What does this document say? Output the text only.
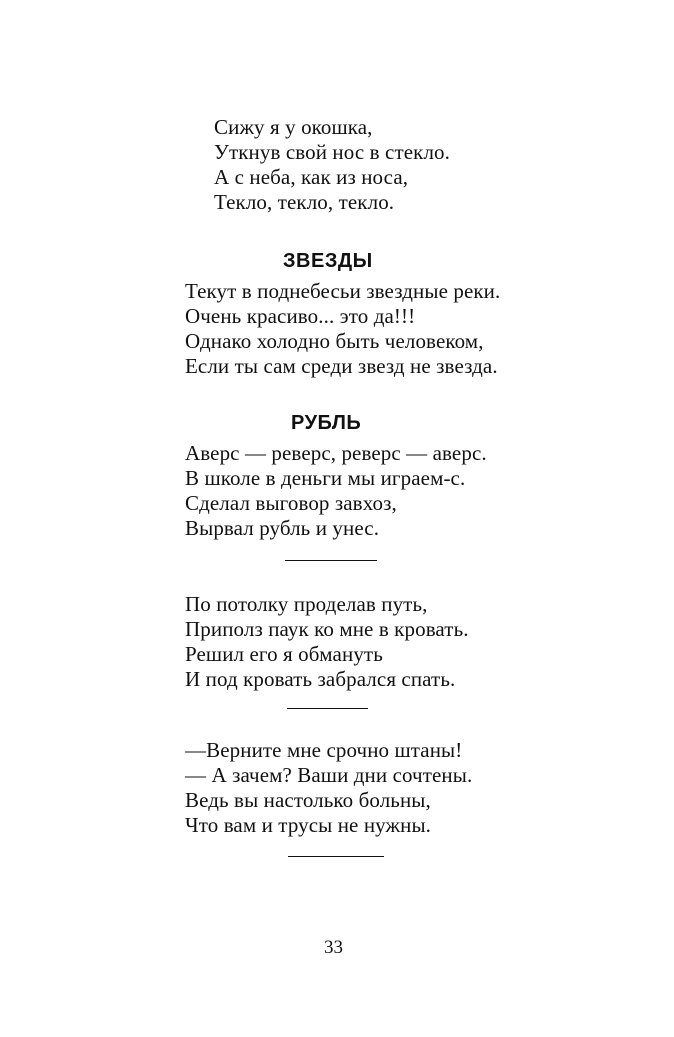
Сижу я у окошка,
Уткнув свой нос в стекло.
А с неба, как из носа,
Текло, текло, текло.
ЗВЕЗДЫ
Текут в поднебесьи звездные реки.
Очень красиво... это да!!!
Однако холодно быть человеком,
Если ты сам среди звезд не звезда.
РУБЛЬ
Аверс — реверс, реверс — аверс.
В школе в деньги мы играем-с.
Сделал выговор завхоз,
Вырвал рубль и унес.
По потолку проделав путь,
Приполз паук ко мне в кровать.
Решил его я обмануть
И под кровать забрался спать.
—Верните мне срочно штаны!
— А зачем? Ваши дни сочтены.
Ведь вы настолько больны,
Что вам и трусы не нужны.
33
